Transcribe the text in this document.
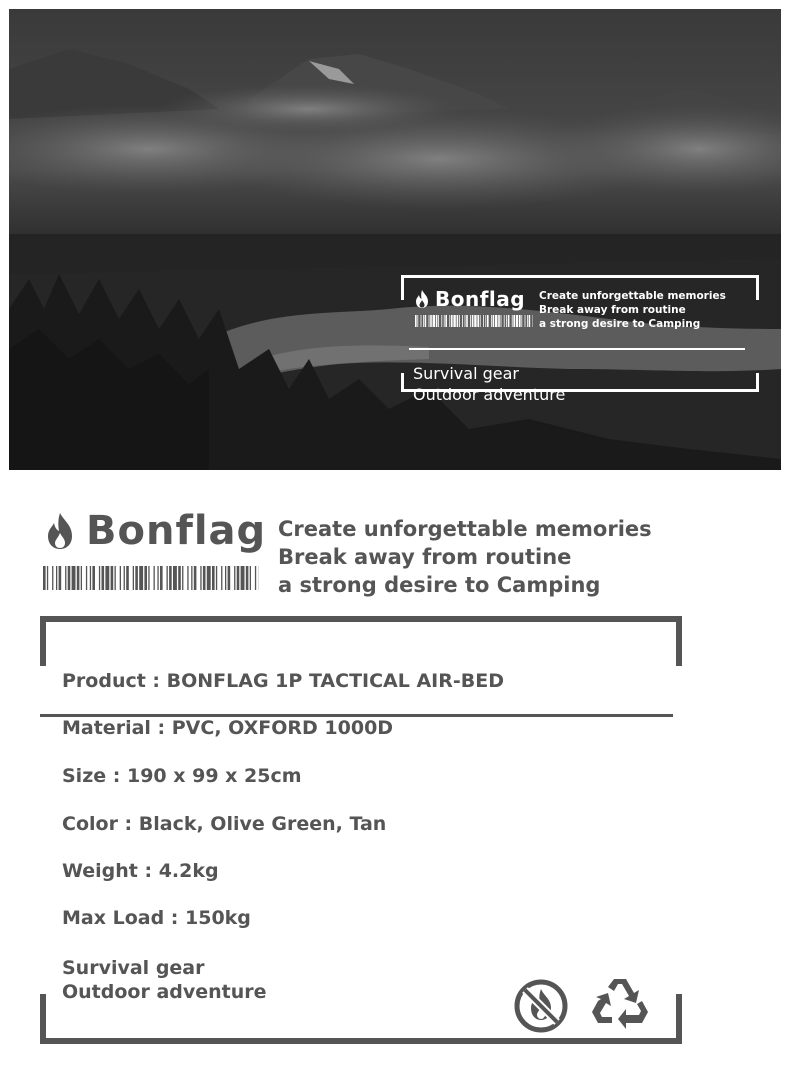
Bonflag Create unforgettable memories
Break away from routine
a strong desire to Camping
Survival gear
Outdoor adventure
Bonflag Create unforgettable memories
Break away from routine
a strong desire to Camping
Product : BONFLAG 1P TACTICAL AIR-BED
Material : PVC, OXFORD 1000D
Size : 190 x 99 x 25cm
Color : Black, Olive Green, Tan
Weight : 4.2kg
Max Load : 150kg
Survival gear
Outdoor adventure
